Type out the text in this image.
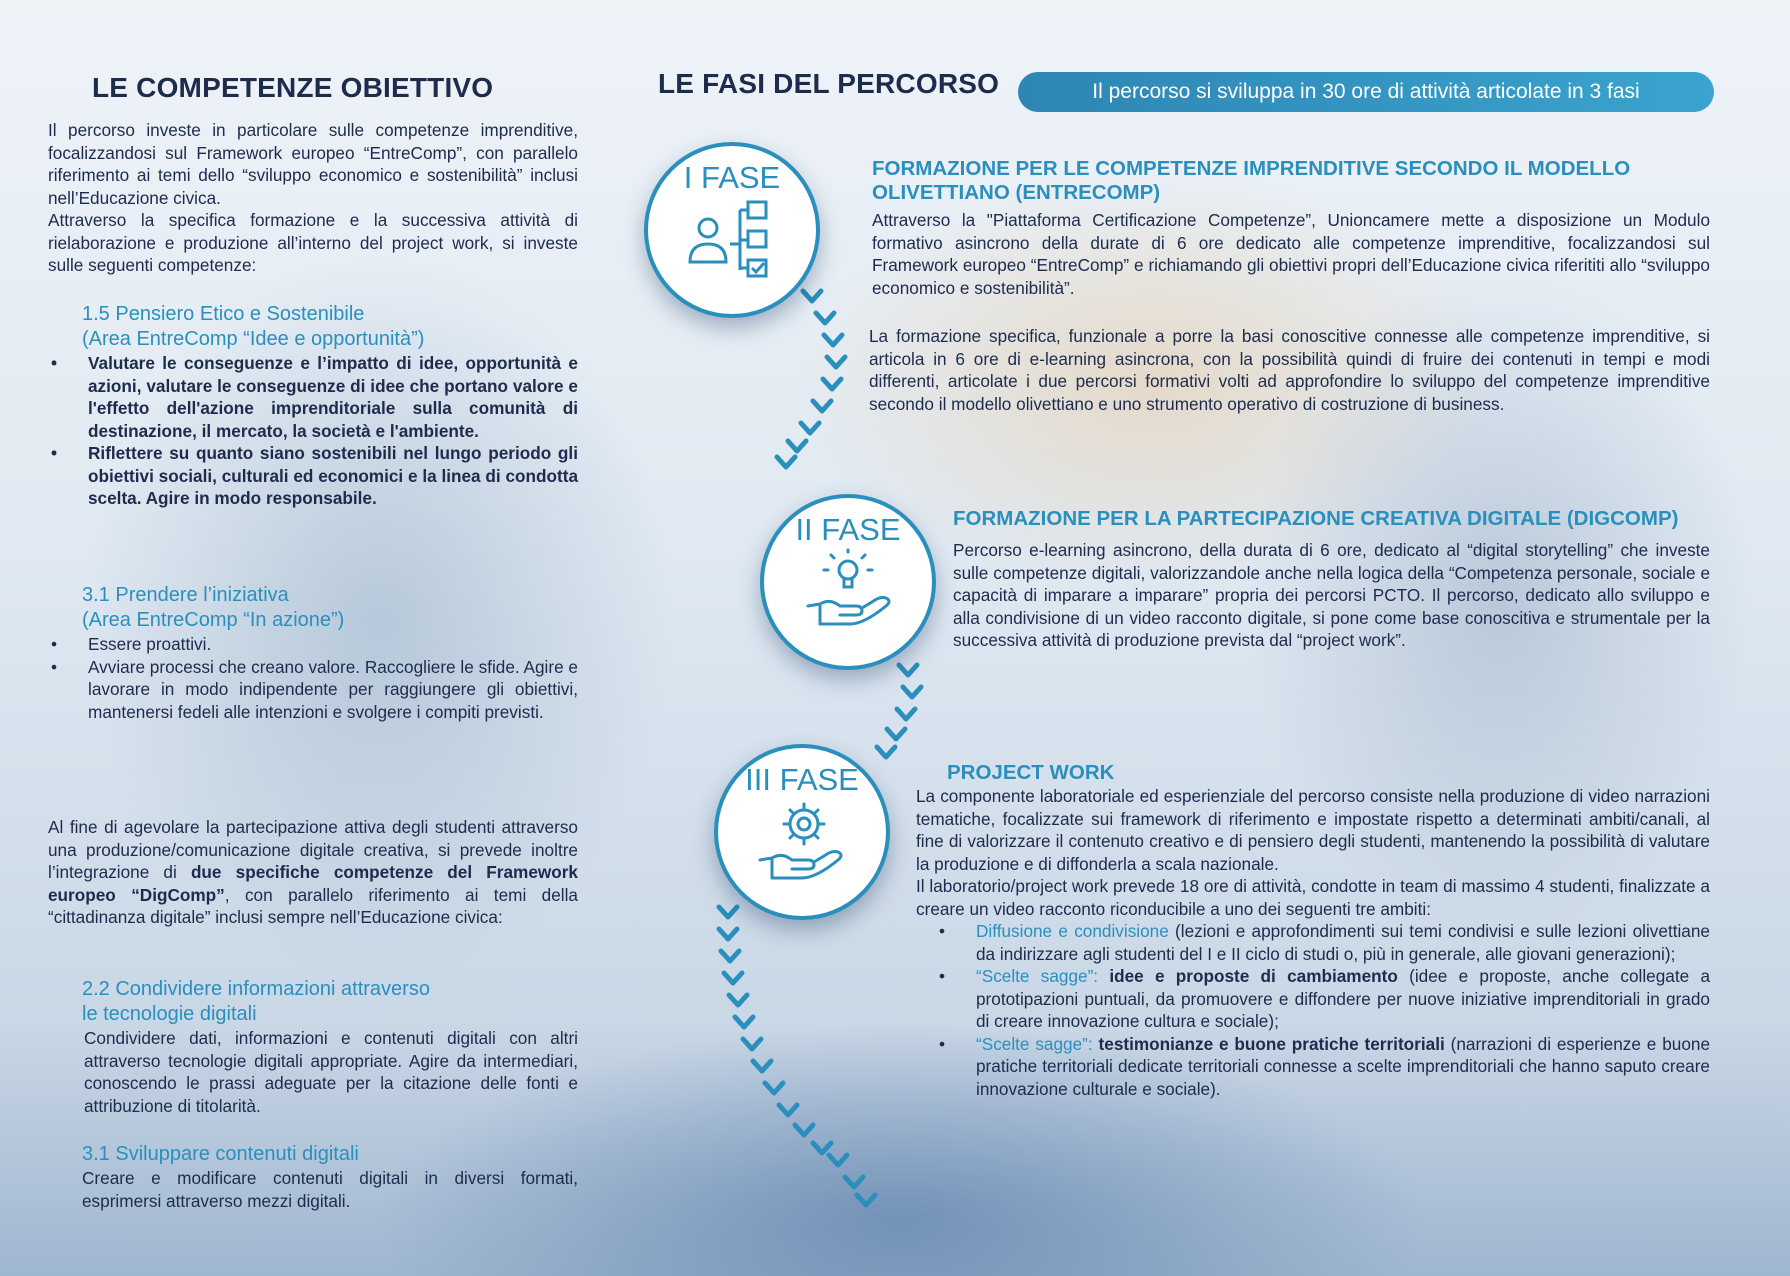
LE COMPETENZE OBIETTIVO

Il percorso investe in particolare sulle competenze imprenditive, focalizzandosi sul Framework europeo “EntreComp”, con parallelo riferimento ai temi dello “sviluppo economico e sostenibilità” inclusi nell’Educazione civica.

Attraverso la specifica formazione e la successiva attività di rielaborazione e produzione all’interno del project work, si investe sulle seguenti competenze:

1.5 Pensiero Etico e Sostenibile
(Area EntreComp “Idee e opportunità”)
• Valutare le conseguenze e l’impatto di idee, opportunità e azioni, valutare le conseguenze di idee che portano valore e l'effetto dell'azione imprenditoriale sulla comunità di destinazione, il mercato, la società e l'ambiente.
• Riflettere su quanto siano sostenibili nel lungo periodo gli obiettivi sociali, culturali ed economici e la linea di condotta scelta. Agire in modo responsabile.
3.1 Prendere l’iniziativa
(Area EntreComp “In azione”)
• Essere proattivi.
• Avviare processi che creano valore. Raccogliere le sfide. Agire e lavorare in modo indipendente per raggiungere gli obiettivi, mantenersi fedeli alle intenzioni e svolgere i compiti previsti.

Al fine di agevolare la partecipazione attiva degli studenti attraverso una produzione/comunicazione digitale creativa, si prevede inoltre l’integrazione di due specifiche competenze del Framework europeo “DigComp”, con parallelo riferimento ai temi della “cittadinanza digitale” inclusi sempre nell’Educazione civica:

2.2 Condividere informazioni attraverso
le tecnologie digitali

Condividere dati, informazioni e contenuti digitali con altri attraverso tecnologie digitali appropriate. Agire da intermediari, conoscendo le prassi adeguate per la citazione delle fonti e attribuzione di titolarità.

3.1 Sviluppare contenuti digitali

Creare e modificare contenuti digitali in diversi formati, esprimersi attraverso mezzi digitali.

LE FASI DEL PERCORSO	Il percorso si sviluppa in 30 ore di attività articolate in 3 fasi
I FASE	FORMAZIONE PER LE COMPETENZE IMPRENDITIVE SECONDO IL MODELLO
OLIVETTIANO (ENTRECOMP)

Attraverso la "Piattaforma Certificazione Competenze”, Unioncamere mette a disposizione un Modulo formativo asincrono della durate di 6 ore dedicato alle competenze imprenditive, focalizzandosi sul Framework europeo “EntreComp” e richiamando gli obiettivi propri dell’Educazione civica riferititi allo “sviluppo economico e sostenibilità”.

La formazione specifica, funzionale a porre la basi conoscitive connesse alle competenze imprenditive, si articola in 6 ore di e-learning asincrona, con la possibilità quindi di fruire dei contenuti in tempi e modi differenti, articolate i due percorsi formativi volti ad approfondire lo sviluppo del competenze imprenditive secondo il modello olivettiano e uno strumento operativo di costruzione di business.

II FASE	FORMAZIONE PER LA PARTECIPAZIONE CREATIVA DIGITALE (DIGCOMP)

Percorso e-learning asincrono, della durata di 6 ore, dedicato al “digital storytelling” che investe sulle competenze digitali, valorizzandole anche nella logica della “Competenza personale, sociale e capacità di imparare a imparare” propria dei percorsi PCTO. Il percorso, dedicato allo sviluppo e alla condivisione di un video racconto digitale, si pone come base conoscitiva e strumentale per la successiva attività di produzione prevista dal “project work”.

III FASE	PROJECT WORK

La componente laboratoriale ed esperienziale del percorso consiste nella produzione di video narrazioni tematiche, focalizzate sui framework di riferimento e impostate rispetto a determinati ambiti/canali, al fine di valorizzare il contenuto creativo e di pensiero degli studenti, mantenendo la possibilità di valutare la produzione e di diffonderla a scala nazionale.

Il laboratorio/project work prevede 18 ore di attività, condotte in team di massimo 4 studenti, finalizzate a creare un video racconto riconducibile a uno dei seguenti tre ambiti:

• Diffusione e condivisione (lezioni e approfondimenti sui temi condivisi e sulle lezioni olivettiane da indirizzare agli studenti del I e II ciclo di studi o, più in generale, alle giovani generazioni);
• “Scelte sagge”: idee e proposte di cambiamento (idee e proposte, anche collegate a prototipazioni puntuali, da promuovere e diffondere per nuove iniziative imprenditoriali in grado di creare innovazione cultura e sociale);
• “Scelte sagge”: testimonianze e buone pratiche territoriali (narrazioni di esperienze e buone pratiche territoriali dedicate territoriali connesse a scelte imprenditoriali che hanno saputo creare innovazione culturale e sociale).
